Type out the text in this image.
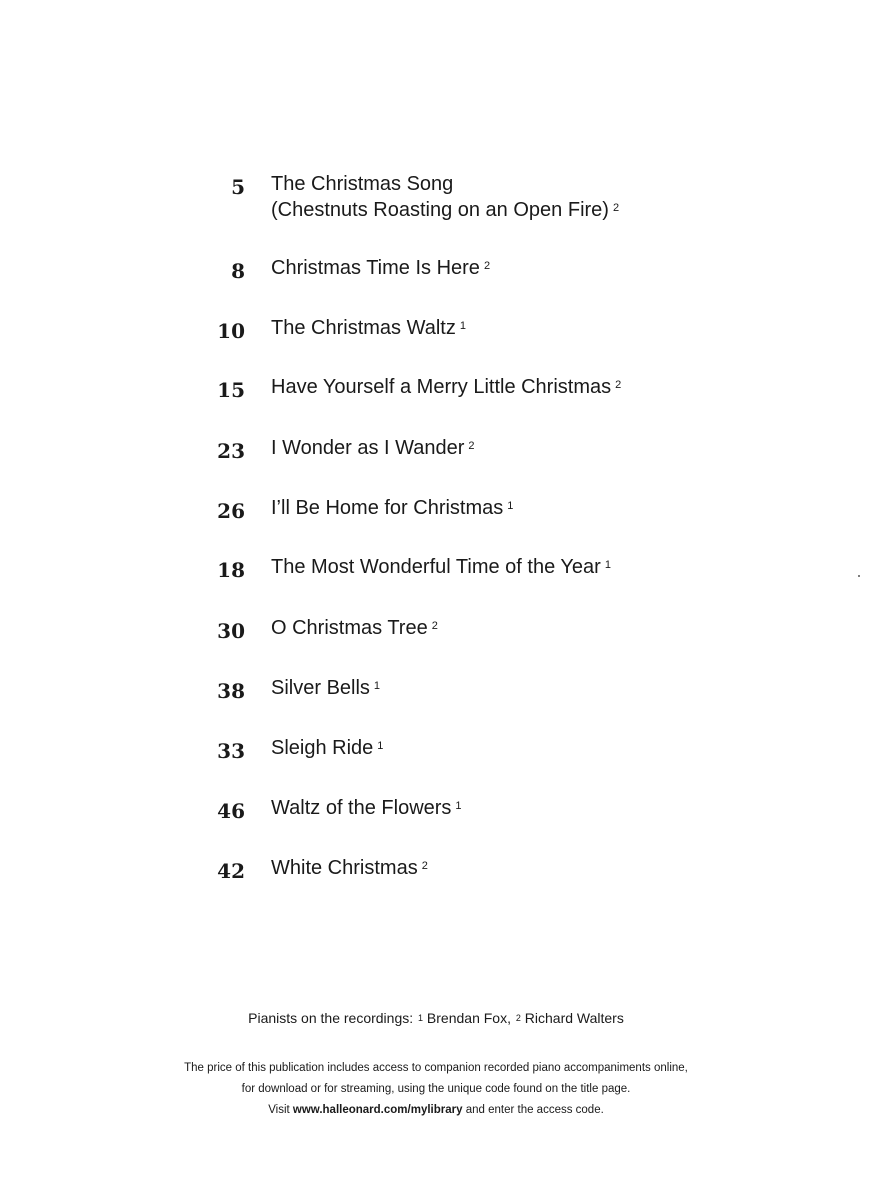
5 The Christmas Song
(Chestnuts Roasting on an Open Fire) $^2$
8 Christmas Time Is Here $^2$
10 The Christmas Waltz $^1$
15 Have Yourself a Merry Little Christmas $^2$
23 I Wonder as I Wander $^2$
26 I’ll Be Home for Christmas $^1$
18 The Most Wonderful Time of the Year $^1$
30 O Christmas Tree $^2$
38 Silver Bells $^1$
33 Sleigh Ride $^1$
46 Waltz of the Flowers $^1$
42 White Christmas $^2$
Pianists on the recordings: $^1$ Brendan Fox, $^2$ Richard Walters
The price of this publication includes access to companion recorded piano accompaniments online,
for download or for streaming, using the unique code found on the title page.
Visit www.halleonard.com/mylibrary and enter the access code.
